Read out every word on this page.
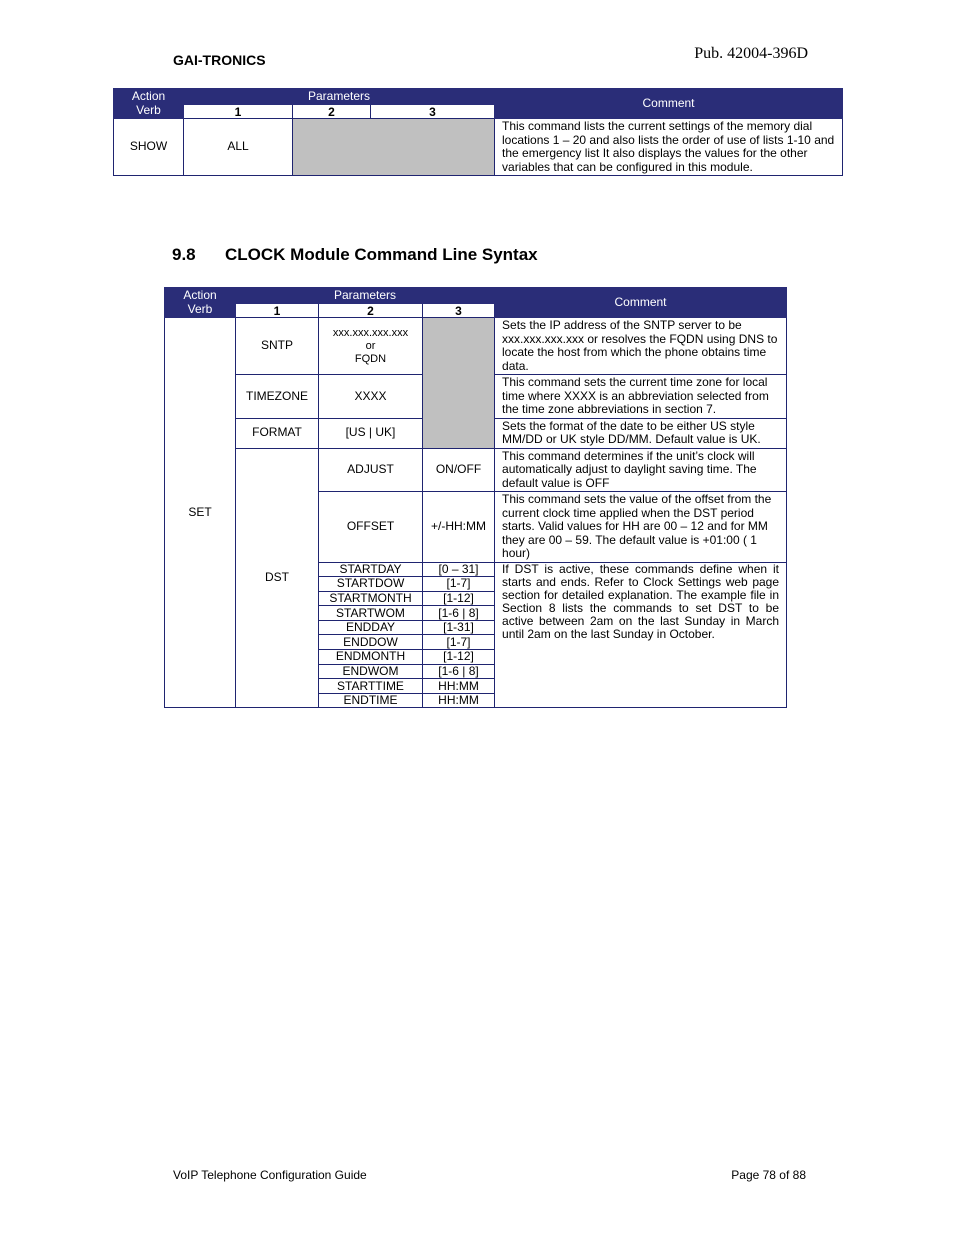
GAI-TRONICS	Pub. 42004-396D
Action
Verb	Parameters			Comment
	1	2	3	
SHOW	ALL			This command lists the current settings of the memory dial locations 1 – 20 and also lists the order of use of lists 1-10 and the emergency list It also displays the values for the other variables that can be configured in this module.
9.8 CLOCK Module Command Line Syntax
Action
Verb	Parameters			Comment
	1	2	3	
SET	SNTP	xxx.xxx.xxx.xxx
or
FQDN		Sets the IP address of the SNTP server to be xxx.xxx.xxx.xxx or resolves the FQDN using DNS to locate the host from which the phone obtains time data.
	TIMEZONE	XXXX		This command sets the current time zone for local time where XXXX is an abbreviation selected from the time zone abbreviations in section 7.
	FORMAT	[US | UK]		Sets the format of the date to be either US style MM/DD or UK style DD/MM. Default value is UK.
	DST	ADJUST	ON/OFF	This command determines if the unit’s clock will automatically adjust to daylight saving time. The default value is OFF
		OFFSET	+/-HH:MM	This command sets the value of the offset from the current clock time applied when the DST period starts. Valid values for HH are 00 – 12 and for MM they are 00 – 59. The default value is +01:00 ( 1 hour)
		STARTDAY	[0 – 31]	If DST is active, these commands define when it starts and ends. Refer to Clock Settings web page section for detailed explanation. The example file in Section 8 lists the commands to set DST to be active between 2am on the last Sunday in March until 2am on the last Sunday in October.
		STARTDOW	[1-7]	
		STARTMONTH	[1-12]	
		STARTWOM	[1-6 | 8]	
		ENDDAY	[1-31]	
		ENDDOW	[1-7]	
		ENDMONTH	[1-12]	
		ENDWOM	[1-6 | 8]	
		STARTTIME	HH:MM	
		ENDTIME	HH:MM	
VoIP Telephone Configuration Guide	Page 78 of 88
